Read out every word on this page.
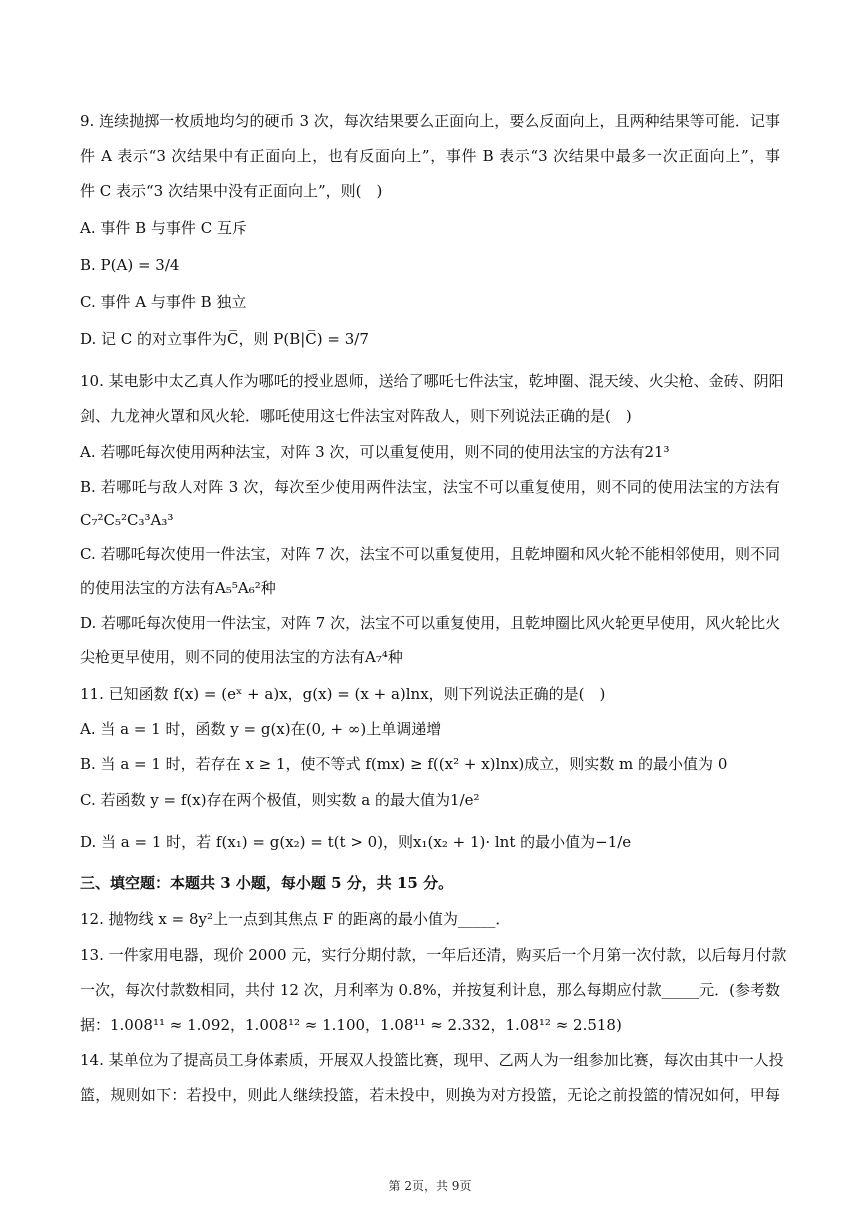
9. 连续抛掷一枚质地均匀的硬币 3 次，每次结果要么正面向上，要么反面向上，且两种结果等可能．记事
件 A 表示“3 次结果中有正面向上，也有反面向上”，事件 B 表示“3 次结果中最多一次正面向上”，事
件 C 表示“3 次结果中没有正面向上”，则(　)
A. 事件 B 与事件 C 互斥
B. P(A) = 3/4
C. 事件 A 与事件 B 独立
D. 记 C 的对立事件为C̅，则 P(B|C̅) = 3/7
10. 某电影中太乙真人作为哪吒的授业恩师，送给了哪吒七件法宝，乾坤圈、混天绫、火尖枪、金砖、阴阳
剑、九龙神火罩和风火轮．哪吒使用这七件法宝对阵敌人，则下列说法正确的是(　)
A. 若哪吒每次使用两种法宝，对阵 3 次，可以重复使用，则不同的使用法宝的方法有21³
B. 若哪吒与敌人对阵 3 次，每次至少使用两件法宝，法宝不可以重复使用，则不同的使用法宝的方法有
C₇²C₅²C₃³A₃³
C. 若哪吒每次使用一件法宝，对阵 7 次，法宝不可以重复使用，且乾坤圈和风火轮不能相邻使用，则不同
的使用法宝的方法有A₅⁵A₆²种
D. 若哪吒每次使用一件法宝，对阵 7 次，法宝不可以重复使用，且乾坤圈比风火轮更早使用，风火轮比火
尖枪更早使用，则不同的使用法宝的方法有A₇⁴种
11. 已知函数 f(x) = (eˣ + a)x，g(x) = (x + a)lnx，则下列说法正确的是(　)
A. 当 a = 1 时，函数 y = g(x)在(0, + ∞)上单调递增
B. 当 a = 1 时，若存在 x ≥ 1，使不等式 f(mx) ≥ f((x² + x)lnx)成立，则实数 m 的最小值为 0
C. 若函数 y = f(x)存在两个极值，则实数 a 的最大值为1/e²
D. 当 a = 1 时，若 f(x₁) = g(x₂) = t(t > 0)，则x₁(x₂ + 1)· lnt 的最小值为−1/e
三、填空题：本题共 3 小题，每小题 5 分，共 15 分。
12. 抛物线 x = 8y²上一点到其焦点 F 的距离的最小值为_____．
13. 一件家用电器，现价 2000 元，实行分期付款，一年后还清，购买后一个月第一次付款，以后每月付款
一次，每次付款数相同，共付 12 次，月利率为 0.8%，并按复利计息，那么每期应付款_____元．(参考数
据：1.008¹¹ ≈ 1.092，1.008¹² ≈ 1.100，1.08¹¹ ≈ 2.332，1.08¹² ≈ 2.518)
14. 某单位为了提高员工身体素质，开展双人投篮比赛，现甲、乙两人为一组参加比赛，每次由其中一人投
篮，规则如下：若投中，则此人继续投篮，若未投中，则换为对方投篮，无论之前投篮的情况如何，甲每
第 2页，共 9页
